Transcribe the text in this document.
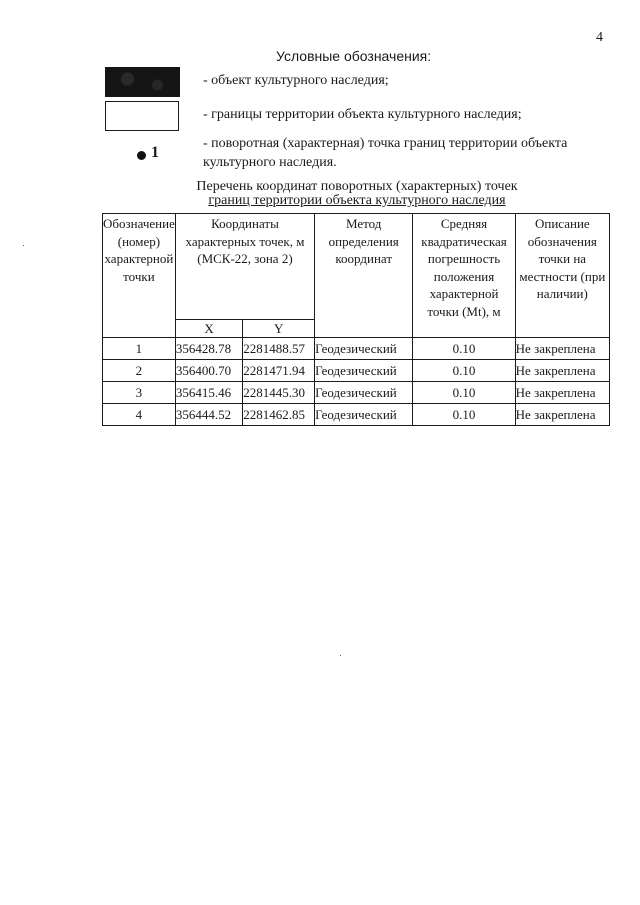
4
Условные обозначения:
- объект культурного наследия;
- границы территории объекта культурного наследия;
1
- поворотная (характерная) точка границ территории объекта культурного наследия.
Перечень координат поворотных (характерных) точек
границ территории объекта культурного наследия
Обозначение (номер) характерной точки	Координаты характерных точек, м (МСК-22, зона 2)		Метод определения координат	Средняя квадратическая погрешность положения характерной точки (Mt), м	Описание обозначения точки на местности (при наличии)
	X	Y			
1	356428.78	2281488.57	Геодезический	0.10	Не закреплена
2	356400.70	2281471.94	Геодезический	0.10	Не закреплена
3	356415.46	2281445.30	Геодезический	0.10	Не закреплена
4	356444.52	2281462.85	Геодезический	0.10	Не закреплена
